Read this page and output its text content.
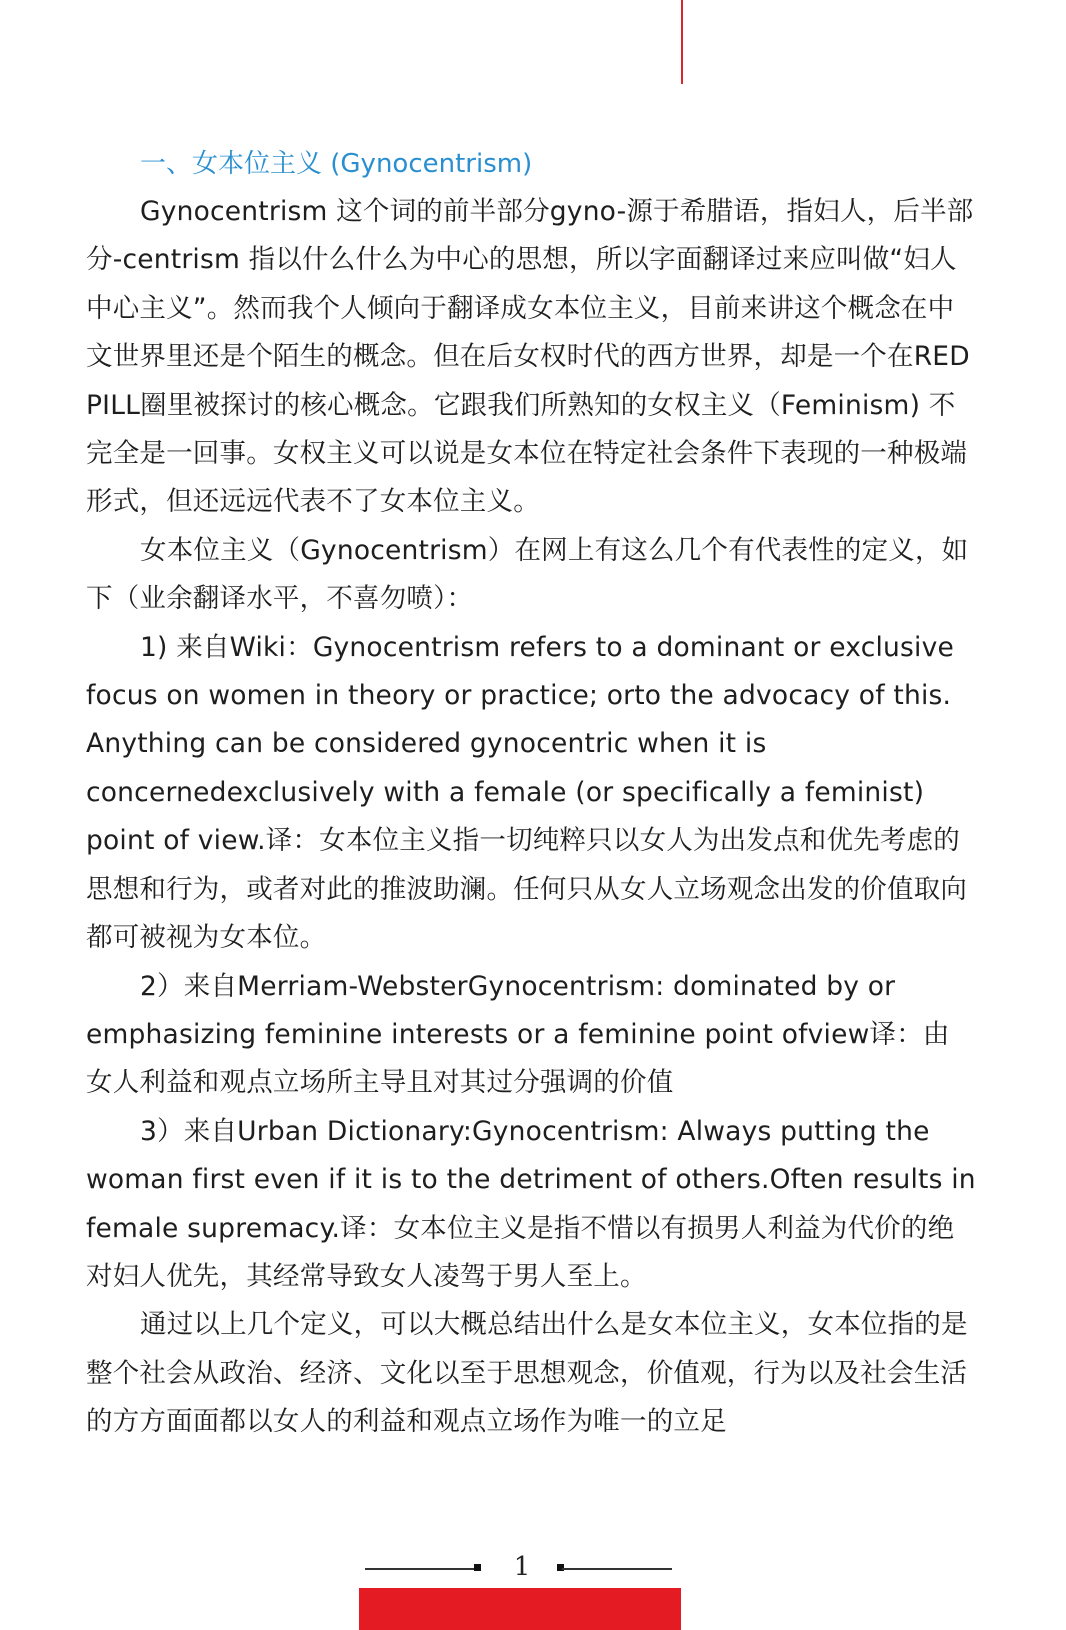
一、女本位主义 (Gynocentrism)

Gynocentrism 这个词的前半部分gyno-源于希腊语，指妇人，后半部分-centrism 指以什么什么为中心的思想，所以字面翻译过来应叫做“妇人中心主义”。然而我个人倾向于翻译成女本位主义，目前来讲这个概念在中文世界里还是个陌生的概念。但在后女权时代的西方世界，却是一个在RED PILL圈里被探讨的核心概念。它跟我们所熟知的女权主义（Feminism) 不完全是一回事。女权主义可以说是女本位在特定社会条件下表现的一种极端形式，但还远远代表不了女本位主义。

女本位主义（Gynocentrism）在网上有这么几个有代表性的定义，如下（业余翻译水平，不喜勿喷）：

1) 来自Wiki：Gynocentrism refers to a dominant or exclusive focus on women in theory or practice; orto the advocacy of this. Anything can be considered gynocentric when it is concernedexclusively with a female (or specifically a feminist) point of view.译：女本位主义指一切纯粹只以女人为出发点和优先考虑的思想和行为，或者对此的推波助澜。任何只从女人立场观念出发的价值取向都可被视为女本位。

2）来自Merriam-WebsterGynocentrism: dominated by or emphasizing feminine interests or a feminine point ofview译：由女人利益和观点立场所主导且对其过分强调的价值

3）来自Urban Dictionary:Gynocentrism: Always putting the woman first even if it is to the detriment of others.Often results in female supremacy.译：女本位主义是指不惜以有损男人利益为代价的绝对妇人优先，其经常导致女人凌驾于男人至上。

通过以上几个定义，可以大概总结出什么是女本位主义，女本位指的是整个社会从政治、经济、文化以至于思想观念，价值观，行为以及社会生活的方方面面都以女人的利益和观点立场作为唯一的立足

1
